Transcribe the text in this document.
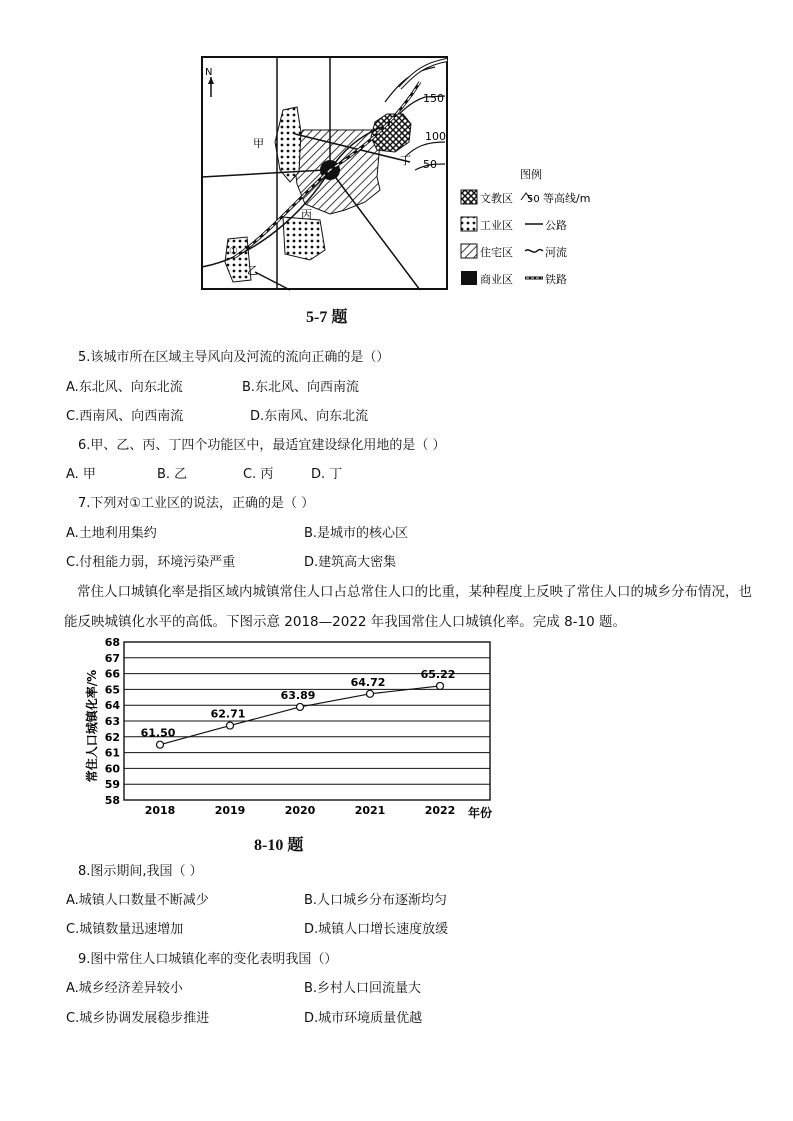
N
150
100
50
甲
乙
丙
丁
①
图例
文教区 50 等高线/m
工业区	公路
住宅区	河流
商业区	铁路
5-7 题
5.该城市所在区域主导风向及河流的流向正确的是（）
A.东北风、向东北流	B.东北风、向西南流
C.西南风、向西南流	D.东南风、向东北流
6.甲、乙、丙、丁四个功能区中，最适宜建设绿化用地的是（ ）
A. 甲	B. 乙	C. 丙	D. 丁
7.下列对①工业区的说法，正确的是（ ）
A.土地利用集约	B.是城市的核心区
C.付租能力弱，环境污染严重	D.建筑高大密集
常住人口城镇化率是指区域内城镇常住人口占总常住人口的比重，某种程度上反映了常住人口的城乡分布情况，也能反映城镇化水平的高低。下图示意 2018—2022 年我国常住人口城镇化率。完成 8-10 题。
常住人口城镇化率/%
58
59
60
61
62
63
64
65
66
67
68
2018	2019	2020	2021	2022
61.50
62.71
63.89
64.72
65.22
年份
8-10 题
8.图示期间,我国（ ）
A.城镇人口数量不断减少	B.人口城乡分布逐渐均匀
C.城镇数量迅速增加	D.城镇人口增长速度放缓
9.图中常住人口城镇化率的变化表明我国（）
A.城乡经济差异较小	B.乡村人口回流量大
C.城乡协调发展稳步推进	D.城市环境质量优越
